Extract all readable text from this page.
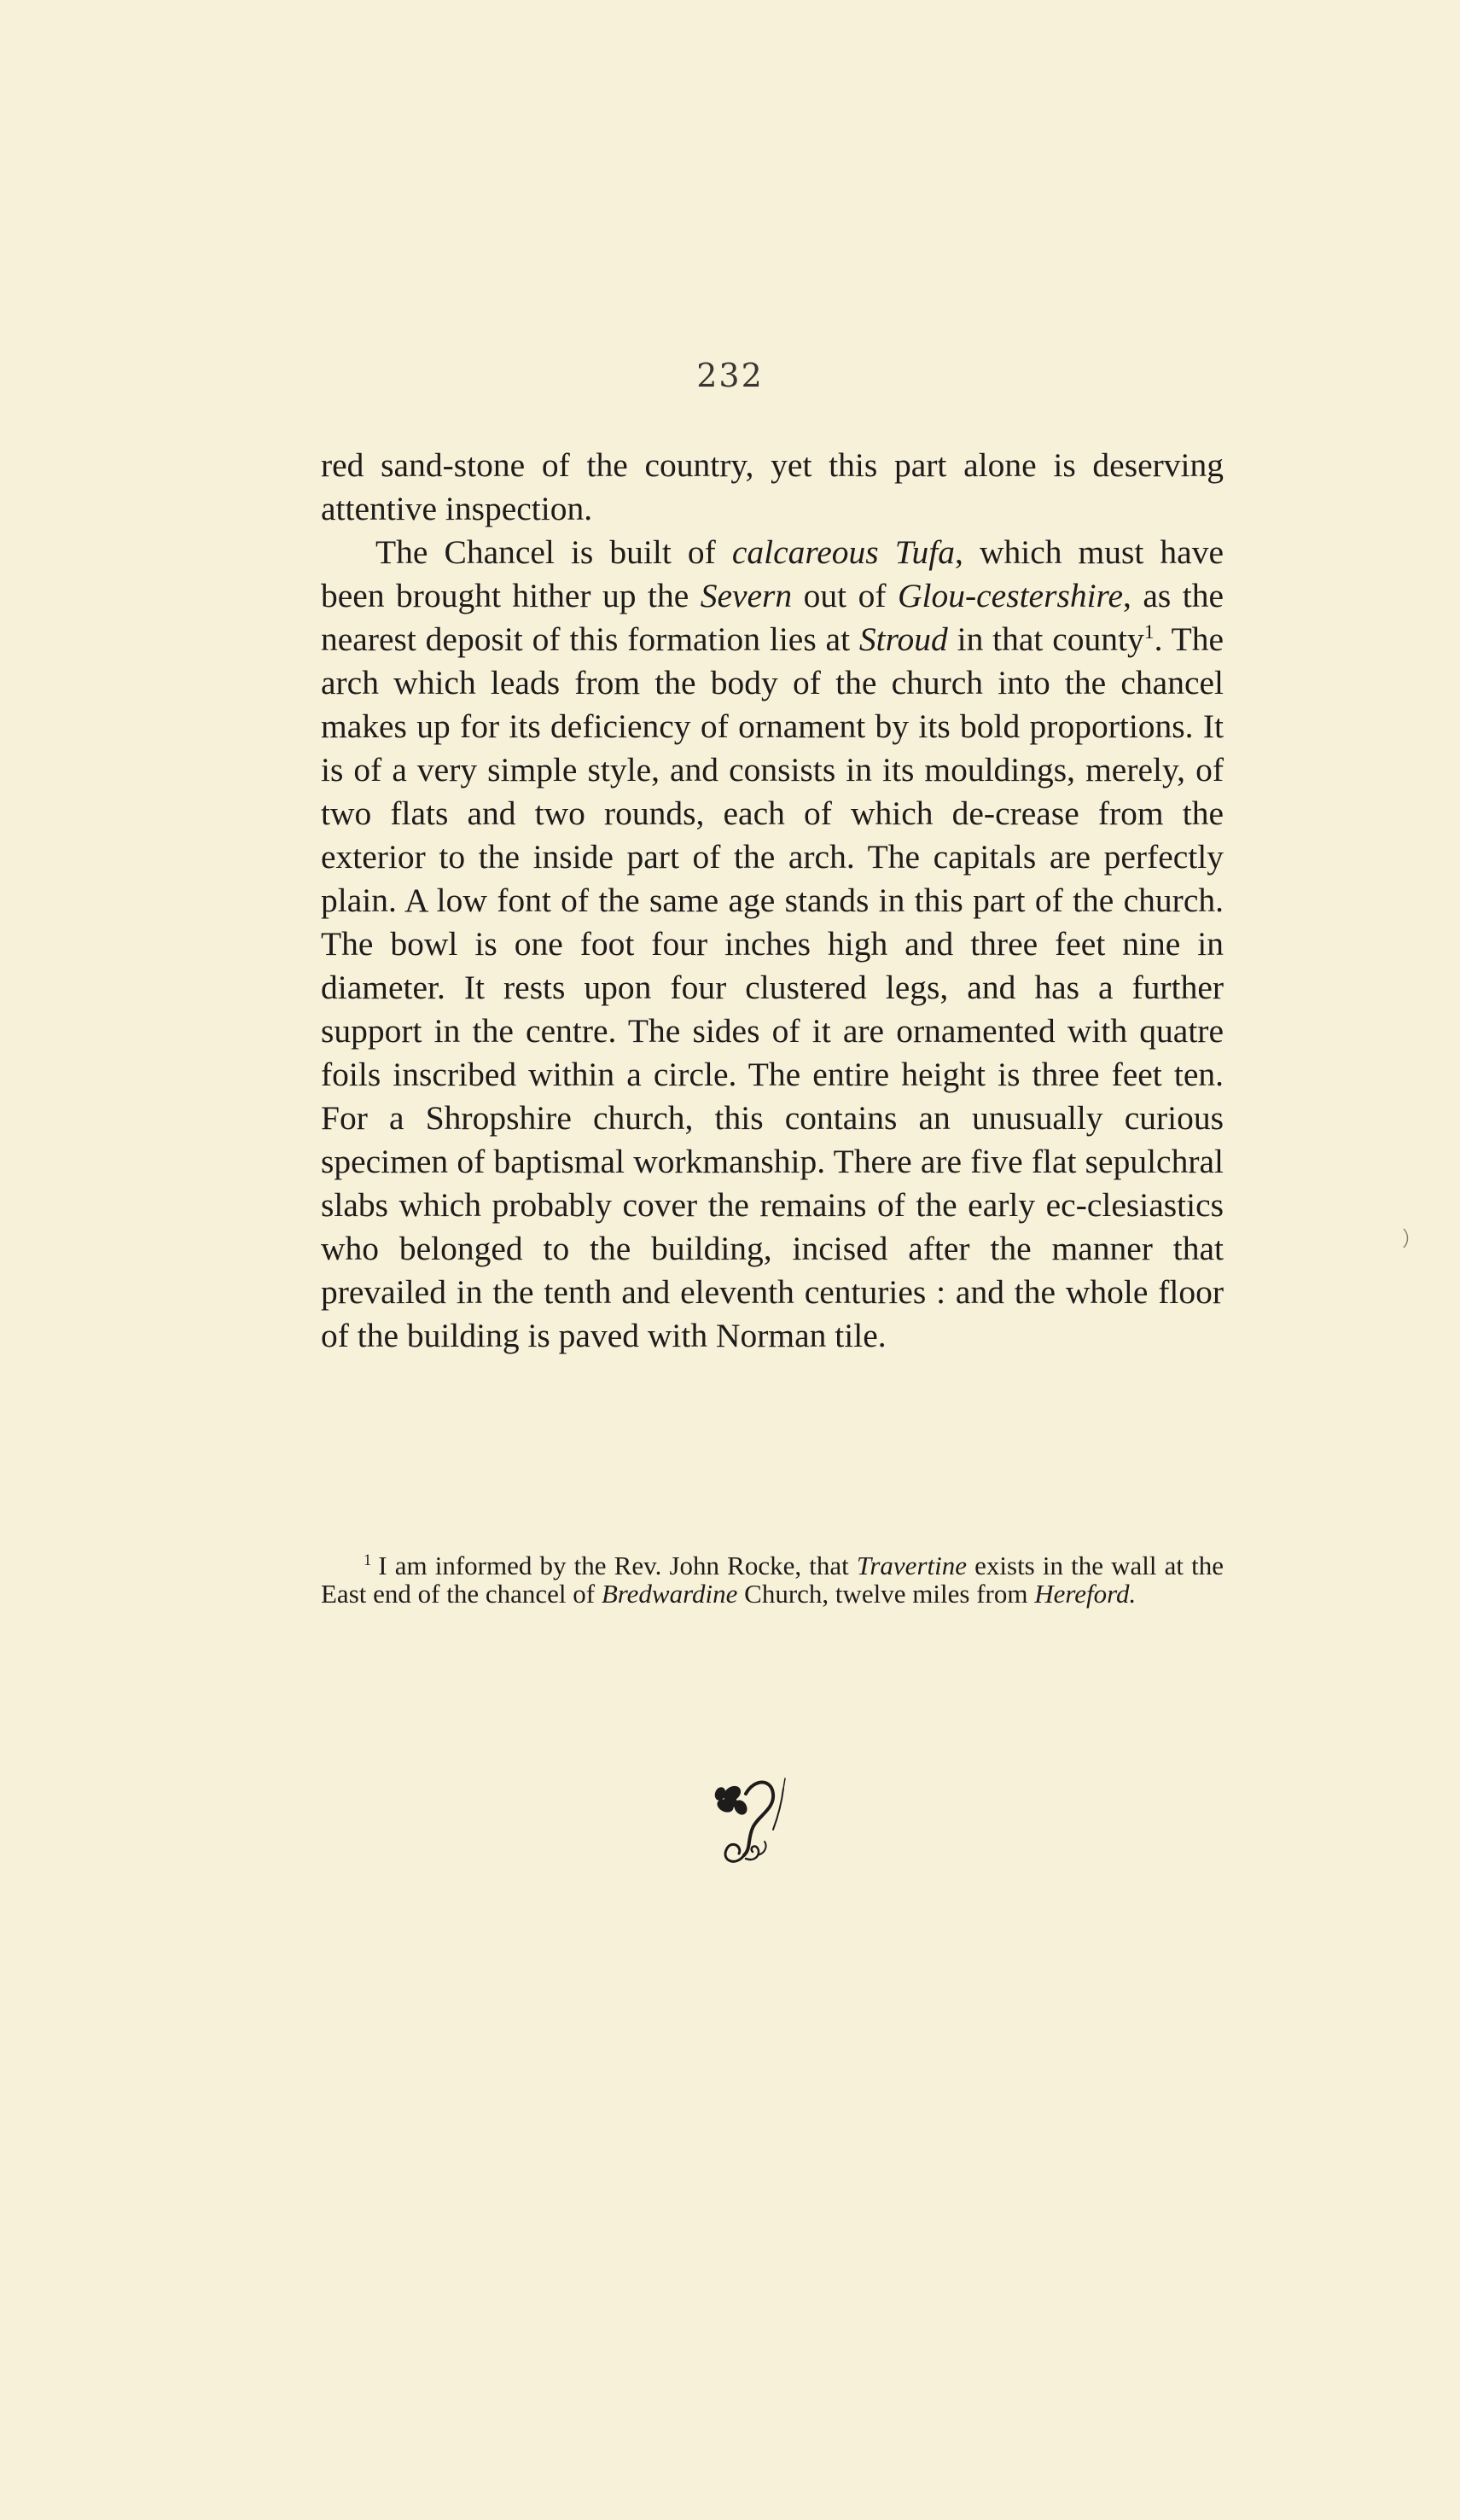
232

red sand-stone of the country, yet this part alone is deserving attentive inspection.

The Chancel is built of calcareous Tufa, which must have been brought hither up the Severn out of Glou-cestershire, as the nearest deposit of this formation lies at Stroud in that county$^1$. The arch which leads from the body of the church into the chancel makes up for its deficiency of ornament by its bold proportions. It is of a very simple style, and consists in its mouldings, merely, of two flats and two rounds, each of which de-crease from the exterior to the inside part of the arch. The capitals are perfectly plain. A low font of the same age stands in this part of the church. The bowl is one foot four inches high and three feet nine in diameter. It rests upon four clustered legs, and has a further support in the centre. The sides of it are ornamented with quatre foils inscribed within a circle. The entire height is three feet ten. For a Shropshire church, this contains an unusually curious specimen of baptismal workmanship. There are five flat sepulchral slabs which probably cover the remains of the early ec-clesiastics who belonged to the building, incised after the manner that prevailed in the tenth and eleventh centuries : and the whole floor of the building is paved with Norman tile.

$^1$ I am informed by the Rev. John Rocke, that Travertine exists in the wall at the East end of the chancel of Bredwardine Church, twelve miles from Hereford.
